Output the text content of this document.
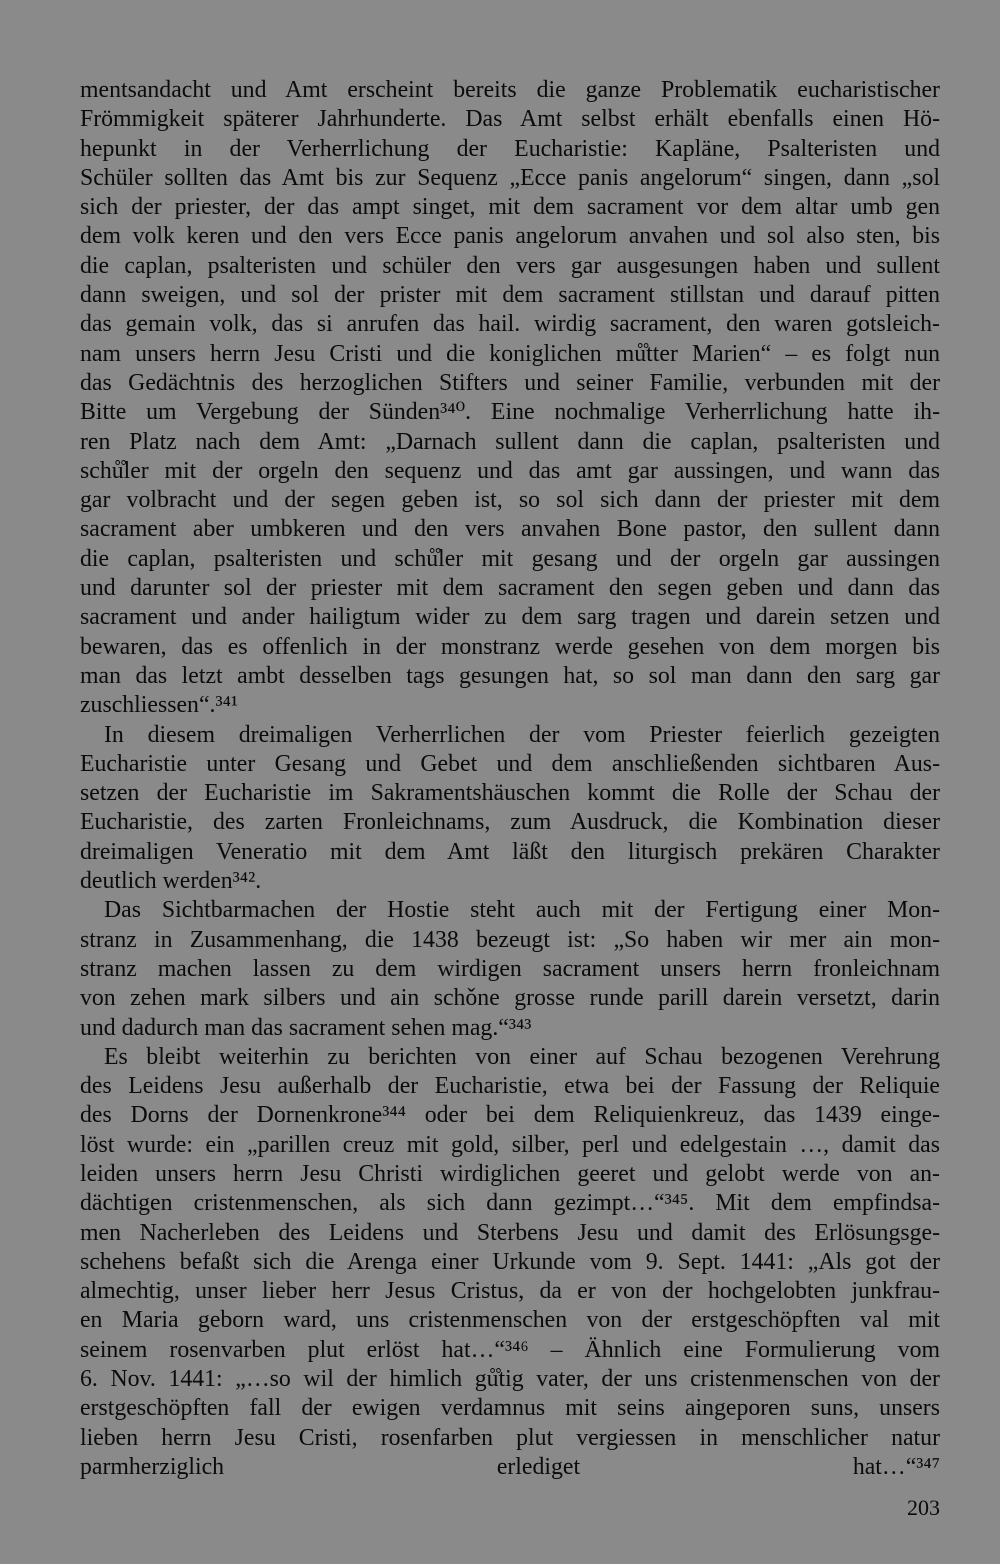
mentsandacht und Amt erscheint bereits die ganze Problematik eucharistischer
Frömmigkeit späterer Jahrhunderte. Das Amt selbst erhält ebenfalls einen Hö-
hepunkt in der Verherrlichung der Eucharistie: Kapläne, Psalteristen und
Schüler sollten das Amt bis zur Sequenz „Ecce panis angelorum“ singen, dann „sol
sich der priester, der das ampt singet, mit dem sacrament vor dem altar umb gen
dem volk keren und den vers Ecce panis angelorum anvahen und sol also sten, bis
die caplan, psalteristen und schüler den vers gar ausgesungen haben und sullent
dann sweigen, und sol der prister mit dem sacrament stillstan und darauf pitten
das gemain volk, das si anrufen das hail. wirdig sacrament, den waren gotsleich-
nam unsers herrn Jesu Cristi und die koniglichen mů̊tter Marien“ – es folgt nun
das Gedächtnis des herzoglichen Stifters und seiner Familie, verbunden mit der
Bitte um Vergebung der Sünden³⁴⁰. Eine nochmalige Verherrlichung hatte ih-
ren Platz nach dem Amt: „Darnach sullent dann die caplan, psalteristen und
schů̊ler mit der orgeln den sequenz und das amt gar aussingen, und wann das
gar volbracht und der segen geben ist, so sol sich dann der priester mit dem
sacrament aber umbkeren und den vers anvahen Bone pastor, den sullent dann
die caplan, psalteristen und schů̊ler mit gesang und der orgeln gar aussingen
und darunter sol der priester mit dem sacrament den segen geben und dann das
sacrament und ander hailigtum wider zu dem sarg tragen und darein setzen und
bewaren, das es offenlich in der monstranz werde gesehen von dem morgen bis
man das letzt ambt desselben tags gesungen hat, so sol man dann den sarg gar
zuschliessen“.³⁴¹
In diesem dreimaligen Verherrlichen der vom Priester feierlich gezeigten
Eucharistie unter Gesang und Gebet und dem anschließenden sichtbaren Aus-
setzen der Eucharistie im Sakramentshäuschen kommt die Rolle der Schau der
Eucharistie, des zarten Fronleichnams, zum Ausdruck, die Kombination dieser
dreimaligen Veneratio mit dem Amt läßt den liturgisch prekären Charakter
deutlich werden³⁴².
Das Sichtbarmachen der Hostie steht auch mit der Fertigung einer Mon-
stranz in Zusammenhang, die 1438 bezeugt ist: „So haben wir mer ain mon-
stranz machen lassen zu dem wirdigen sacrament unsers herrn fronleichnam
von zehen mark silbers und ain schǒne grosse runde parill darein versetzt, darin
und dadurch man das sacrament sehen mag.“³⁴³
Es bleibt weiterhin zu berichten von einer auf Schau bezogenen Verehrung
des Leidens Jesu außerhalb der Eucharistie, etwa bei der Fassung der Reliquie
des Dorns der Dornenkrone³⁴⁴ oder bei dem Reliquienkreuz, das 1439 einge-
löst wurde: ein „parillen creuz mit gold, silber, perl und edelgestain …, damit das
leiden unsers herrn Jesu Christi wirdiglichen geeret und gelobt werde von an-
dächtigen cristenmenschen, als sich dann gezimpt…“³⁴⁵. Mit dem empfindsa-
men Nacherleben des Leidens und Sterbens Jesu und damit des Erlösungsge-
schehens befaßt sich die Arenga einer Urkunde vom 9. Sept. 1441: „Als got der
almechtig, unser lieber herr Jesus Cristus, da er von der hochgelobten junkfrau-
en Maria geborn ward, uns cristenmenschen von der erstgeschöpften val mit
seinem rosenvarben plut erlöst hat…“³⁴⁶ – Ähnlich eine Formulierung vom
6. Nov. 1441: „…so wil der himlich gů̊tig vater, der uns cristenmenschen von der
erstgeschöpften fall der ewigen verdamnus mit seins aingeporen suns, unsers
lieben herrn Jesu Cristi, rosenfarben plut vergiessen in menschlicher natur
parmherziglich erlediget hat…“³⁴⁷
203
